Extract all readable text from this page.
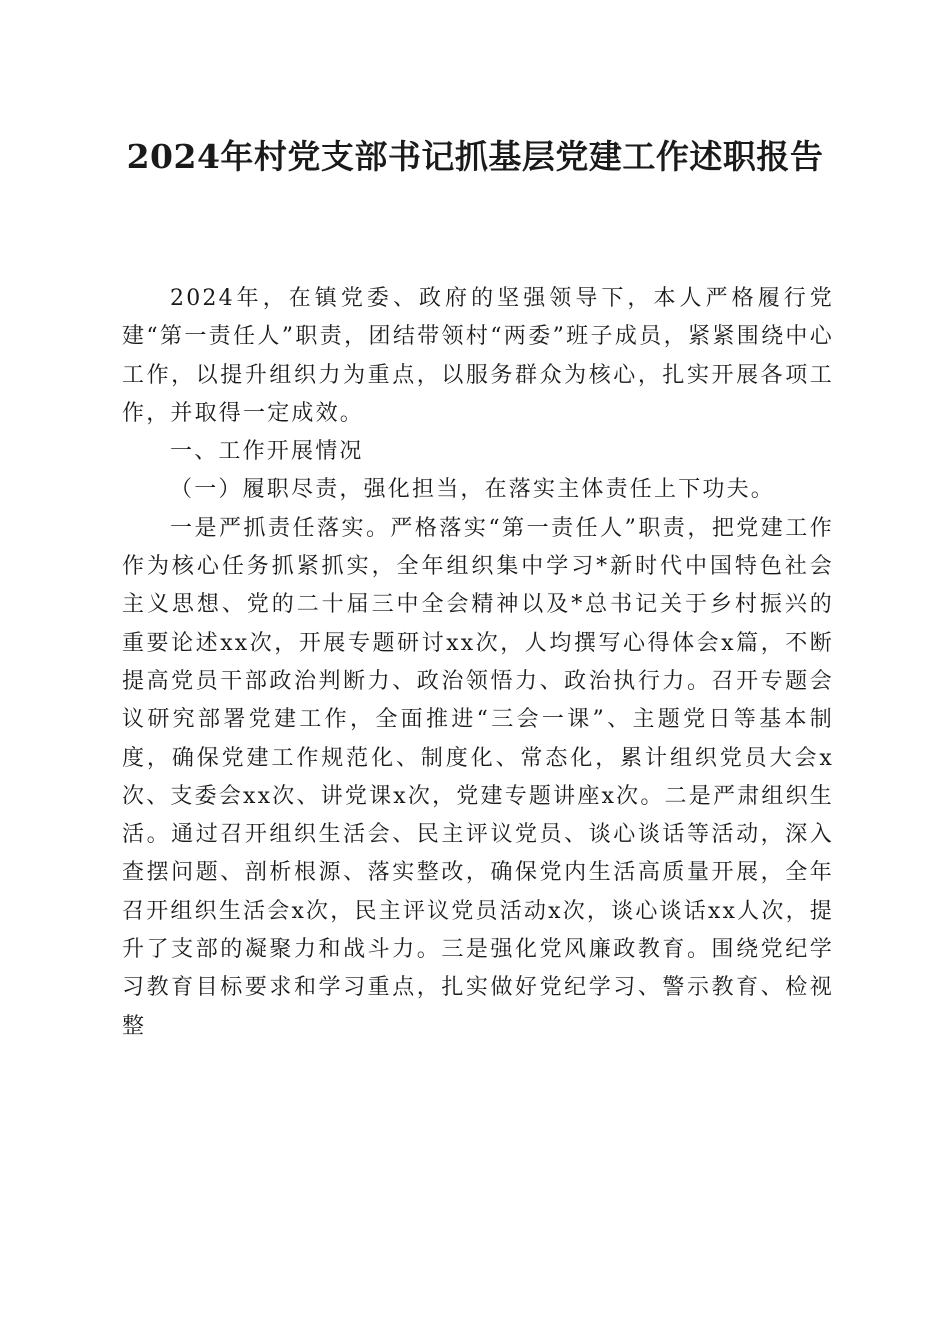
2024年村党支部书记抓基层党建工作述职报告

2024年，在镇党委、政府的坚强领导下，本人严格履行党建“第一责任人”职责，团结带领村“两委”班子成员，紧紧围绕中心工作，以提升组织力为重点，以服务群众为核心，扎实开展各项工作，并取得一定成效。

一、工作开展情况

（一）履职尽责，强化担当，在落实主体责任上下功夫。

一是严抓责任落实。严格落实“第一责任人”职责，把党建工作作为核心任务抓紧抓实，全年组织集中学习*新时代中国特色社会主义思想、党的二十届三中全会精神以及*总书记关于乡村振兴的重要论述xx次，开展专题研讨xx次，人均撰写心得体会x篇，不断提高党员干部政治判断力、政治领悟力、政治执行力。召开专题会议研究部署党建工作，全面推进“三会一课”、主题党日等基本制度，确保党建工作规范化、制度化、常态化，累计组织党员大会x次、支委会xx次、讲党课x次，党建专题讲座x次。二是严肃组织生活。通过召开组织生活会、民主评议党员、谈心谈话等活动，深入查摆问题、剖析根源、落实整改，确保党内生活高质量开展，全年召开组织生活会x次，民主评议党员活动x次，谈心谈话xx人次，提升了支部的凝聚力和战斗力。三是强化党风廉政教育。围绕党纪学习教育目标要求和学习重点，扎实做好党纪学习、警示教育、检视整
